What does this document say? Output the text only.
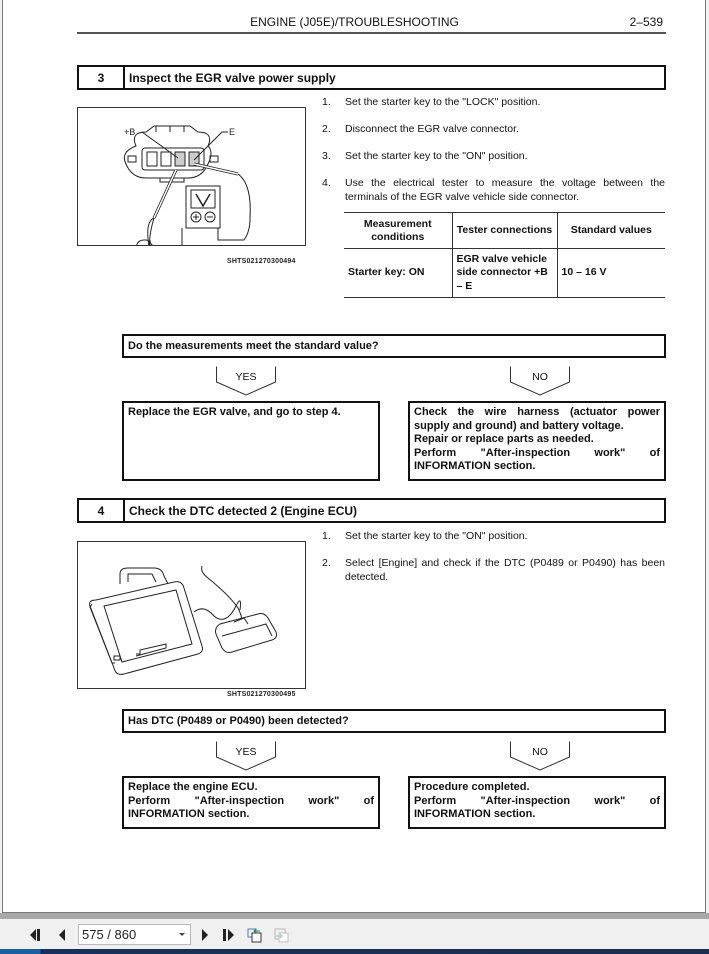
ENGINE (J05E)/TROUBLESHOOTING	2–539
3	Inspect the EGR valve power supply
+B	E
SHTS021270300494
1.	Set the starter key to the "LOCK" position.
2.	Disconnect the EGR valve connector.
3.	Set the starter key to the "ON" position.
4.	Use the electrical tester to measure the voltage between the terminals of the EGR valve vehicle side connector.
Measurement conditions	Tester connections	Standard values
Starter key: ON	EGR valve vehicle side connector +B – E	10 – 16 V
Do the measurements meet the standard value?
YES	NO

Replace the EGR valve, and go to step 4.	Check the wire harness (actuator power supply and ground) and battery voltage.

Repair or replace parts as needed.

Perform "After-inspection work" of INFORMATION section.

4	Check the DTC detected 2 (Engine ECU)
SHTS021270300495
1.	Set the starter key to the "ON" position.
2.	Select [Engine] and check if the DTC (P0489 or P0490) has been detected.
Has DTC (P0489 or P0490) been detected?
YES	NO

Replace the engine ECU.

Perform "After-inspection work" of INFORMATION section.

Procedure completed.

Perform "After-inspection work" of INFORMATION section.

575 / 860
